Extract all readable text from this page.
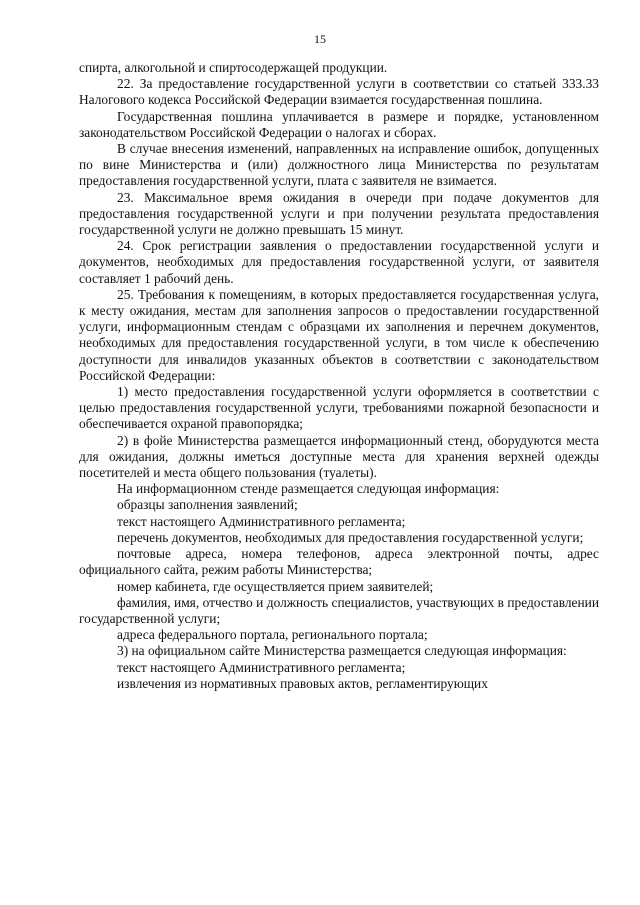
15

спирта, алкогольной и спиртосодержащей продукции.

22. За предоставление государственной услуги в соответствии со статьей 333.33 Налогового кодекса Российской Федерации взимается государственная пошлина.

Государственная пошлина уплачивается в размере и порядке, установленном законодательством Российской Федерации о налогах и сборах.

В случае внесения изменений, направленных на исправление ошибок, допущенных по вине Министерства и (или) должностного лица Министерства по результатам предоставления государственной услуги, плата с заявителя не взимается.

23. Максимальное время ожидания в очереди при подаче документов для предоставления государственной услуги и при получении результата предоставления государственной услуги не должно превышать 15 минут.

24. Срок регистрации заявления о предоставлении государственной услуги и документов, необходимых для предоставления государственной услуги, от заявителя составляет 1 рабочий день.

25. Требования к помещениям, в которых предоставляется государственная услуга, к месту ожидания, местам для заполнения запросов о предоставлении государственной услуги, информационным стендам с образцами их заполнения и перечнем документов, необходимых для предоставления государственной услуги, в том числе к обеспечению доступности для инвалидов указанных объектов в соответствии с законодательством Российской Федерации:

1) место предоставления государственной услуги оформляется в соответствии с целью предоставления государственной услуги, требованиями пожарной безопасности и обеспечивается охраной правопорядка;

2) в фойе Министерства размещается информационный стенд, оборудуются места для ожидания, должны иметься доступные места для хранения верхней одежды посетителей и места общего пользования (туалеты).

На информационном стенде размещается следующая информация:

образцы заполнения заявлений;

текст настоящего Административного регламента;

перечень документов, необходимых для предоставления государственной услуги;

почтовые адреса, номера телефонов, адреса электронной почты, адрес официального сайта, режим работы Министерства;

номер кабинета, где осуществляется прием заявителей;

фамилия, имя, отчество и должность специалистов, участвующих в предоставлении государственной услуги;

адреса федерального портала, регионального портала;

3) на официальном сайте Министерства размещается следующая информация:

текст настоящего Административного регламента;

извлечения из нормативных правовых актов, регламентирующих
